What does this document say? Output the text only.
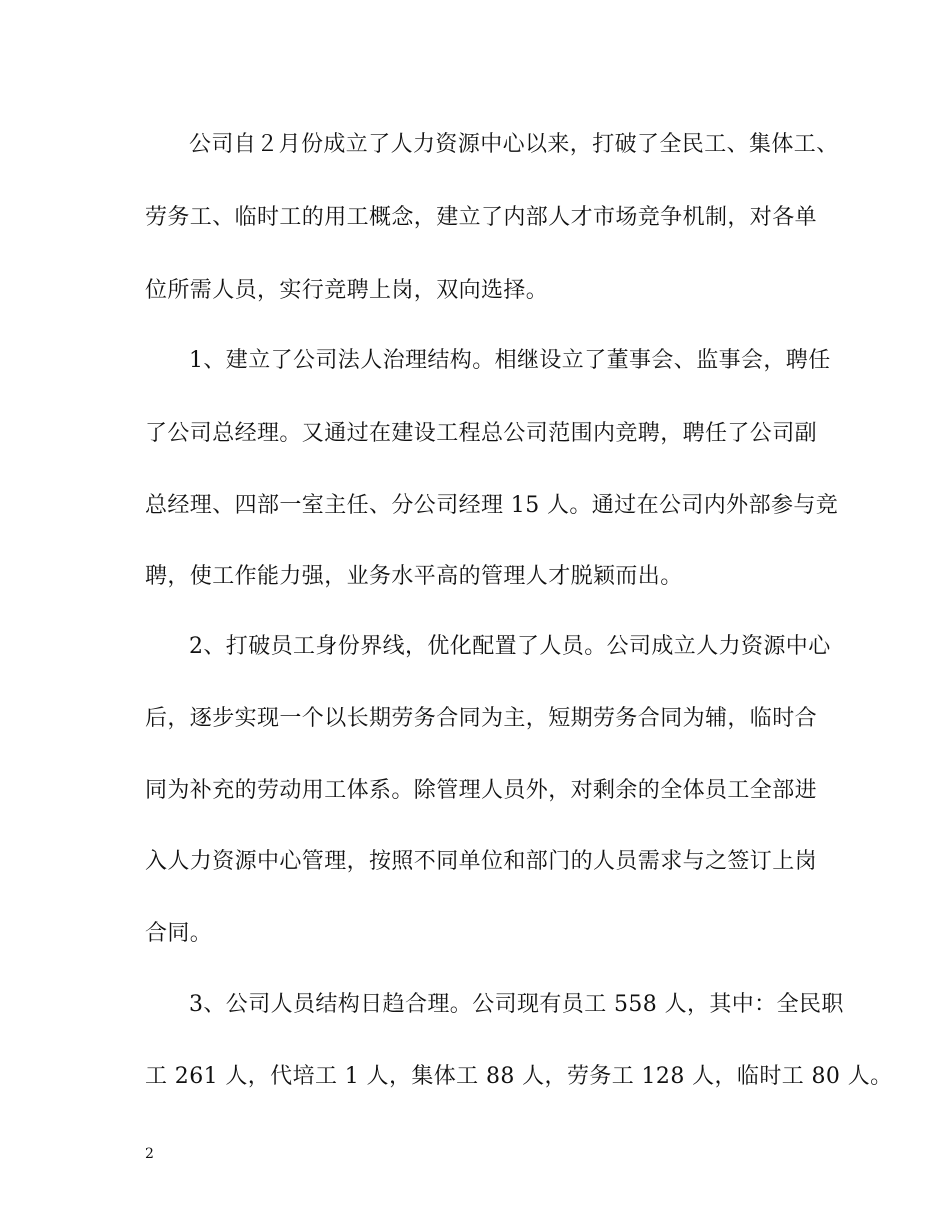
公司自２月份成立了人力资源中心以来，打破了全民工、集体工、
劳务工、临时工的用工概念，建立了内部人才市场竞争机制，对各单
位所需人员，实行竞聘上岗，双向选择。
1、建立了公司法人治理结构。相继设立了董事会、监事会，聘任
了公司总经理。又通过在建设工程总公司范围内竞聘，聘任了公司副
总经理、四部一室主任、分公司经理 15 人。通过在公司内外部参与竞
聘，使工作能力强，业务水平高的管理人才脱颖而出。
2、打破员工身份界线，优化配置了人员。公司成立人力资源中心
后，逐步实现一个以长期劳务合同为主，短期劳务合同为辅，临时合
同为补充的劳动用工体系。除管理人员外，对剩余的全体员工全部进
入人力资源中心管理，按照不同单位和部门的人员需求与之签订上岗
合同。
3、公司人员结构日趋合理。公司现有员工 558 人，其中：全民职
工 261 人，代培工 1 人，集体工 88 人，劳务工 128 人，临时工 80 人。
2
